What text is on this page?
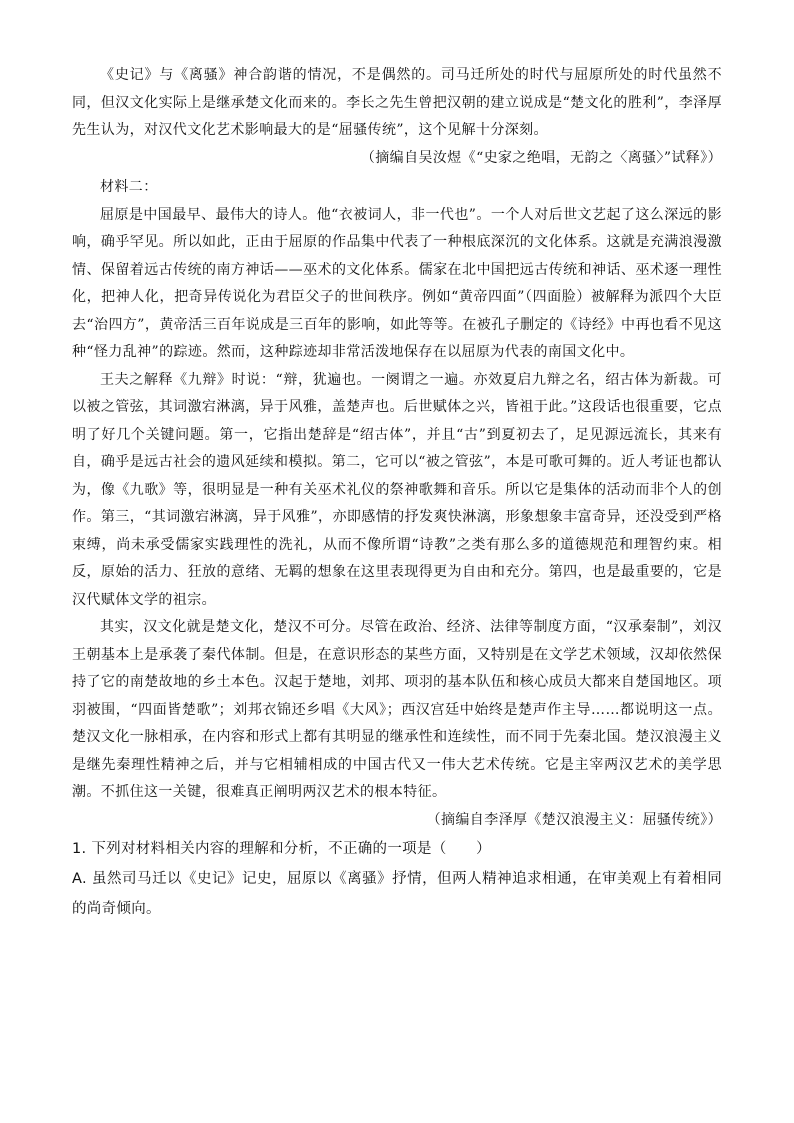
《史记》与《离骚》神合韵谐的情况，不是偶然的。司马迁所处的时代与屈原所处的时代虽然不同，但汉文化实际上是继承楚文化而来的。李长之先生曾把汉朝的建立说成是“楚文化的胜利”，李泽厚先生认为，对汉代文化艺术影响最大的是“屈骚传统”，这个见解十分深刻。

（摘编自吴汝煜《“史家之绝唱，无韵之〈离骚〉”试释》）

材料二：

屈原是中国最早、最伟大的诗人。他“衣被词人，非一代也”。一个人对后世文艺起了这么深远的影响，确乎罕见。所以如此，正由于屈原的作品集中代表了一种根底深沉的文化体系。这就是充满浪漫激情、保留着远古传统的南方神话——巫术的文化体系。儒家在北中国把远古传统和神话、巫术逐一理性化，把神人化，把奇异传说化为君臣父子的世间秩序。例如“黄帝四面”（四面脸）被解释为派四个大臣去“治四方”，黄帝活三百年说成是三百年的影响，如此等等。在被孔子删定的《诗经》中再也看不见这种“怪力乱神”的踪迹。然而，这种踪迹却非常活泼地保存在以屈原为代表的南国文化中。

王夫之解释《九辩》时说：“辩，犹遍也。一阕谓之一遍。亦效夏启九辩之名，绍古体为新裁。可以被之管弦，其词激宕淋漓，异于风雅，盖楚声也。后世赋体之兴，皆祖于此。”这段话也很重要，它点明了好几个关键问题。第一，它指出楚辞是“绍古体”，并且“古”到夏初去了，足见源远流长，其来有自，确乎是远古社会的遗风延续和模拟。第二，它可以“被之管弦”，本是可歌可舞的。近人考证也都认为，像《九歌》等，很明显是一种有关巫术礼仪的祭神歌舞和音乐。所以它是集体的活动而非个人的创作。第三，“其词激宕淋漓，异于风雅”，亦即感情的抒发爽快淋漓，形象想象丰富奇异，还没受到严格束缚，尚未承受儒家实践理性的洗礼，从而不像所谓“诗教”之类有那么多的道德规范和理智约束。相反，原始的活力、狂放的意绪、无羁的想象在这里表现得更为自由和充分。第四，也是最重要的，它是汉代赋体文学的祖宗。

其实，汉文化就是楚文化，楚汉不可分。尽管在政治、经济、法律等制度方面，“汉承秦制”，刘汉王朝基本上是承袭了秦代体制。但是，在意识形态的某些方面，又特别是在文学艺术领域，汉却依然保持了它的南楚故地的乡土本色。汉起于楚地，刘邦、项羽的基本队伍和核心成员大都来自楚国地区。项羽被围，“四面皆楚歌”；刘邦衣锦还乡唱《大风》；西汉宫廷中始终是楚声作主导……都说明这一点。楚汉文化一脉相承，在内容和形式上都有其明显的继承性和连续性，而不同于先秦北国。楚汉浪漫主义是继先秦理性精神之后，并与它相辅相成的中国古代又一伟大艺术传统。它是主宰两汉艺术的美学思潮。不抓住这一关键，很难真正阐明两汉艺术的根本特征。

（摘编自李泽厚《楚汉浪漫主义：屈骚传统》）

1. 下列对材料相关内容的理解和分析，不正确的一项是（　　）

A. 虽然司马迁以《史记》记史，屈原以《离骚》抒情，但两人精神追求相通，在审美观上有着相同的尚奇倾向。
